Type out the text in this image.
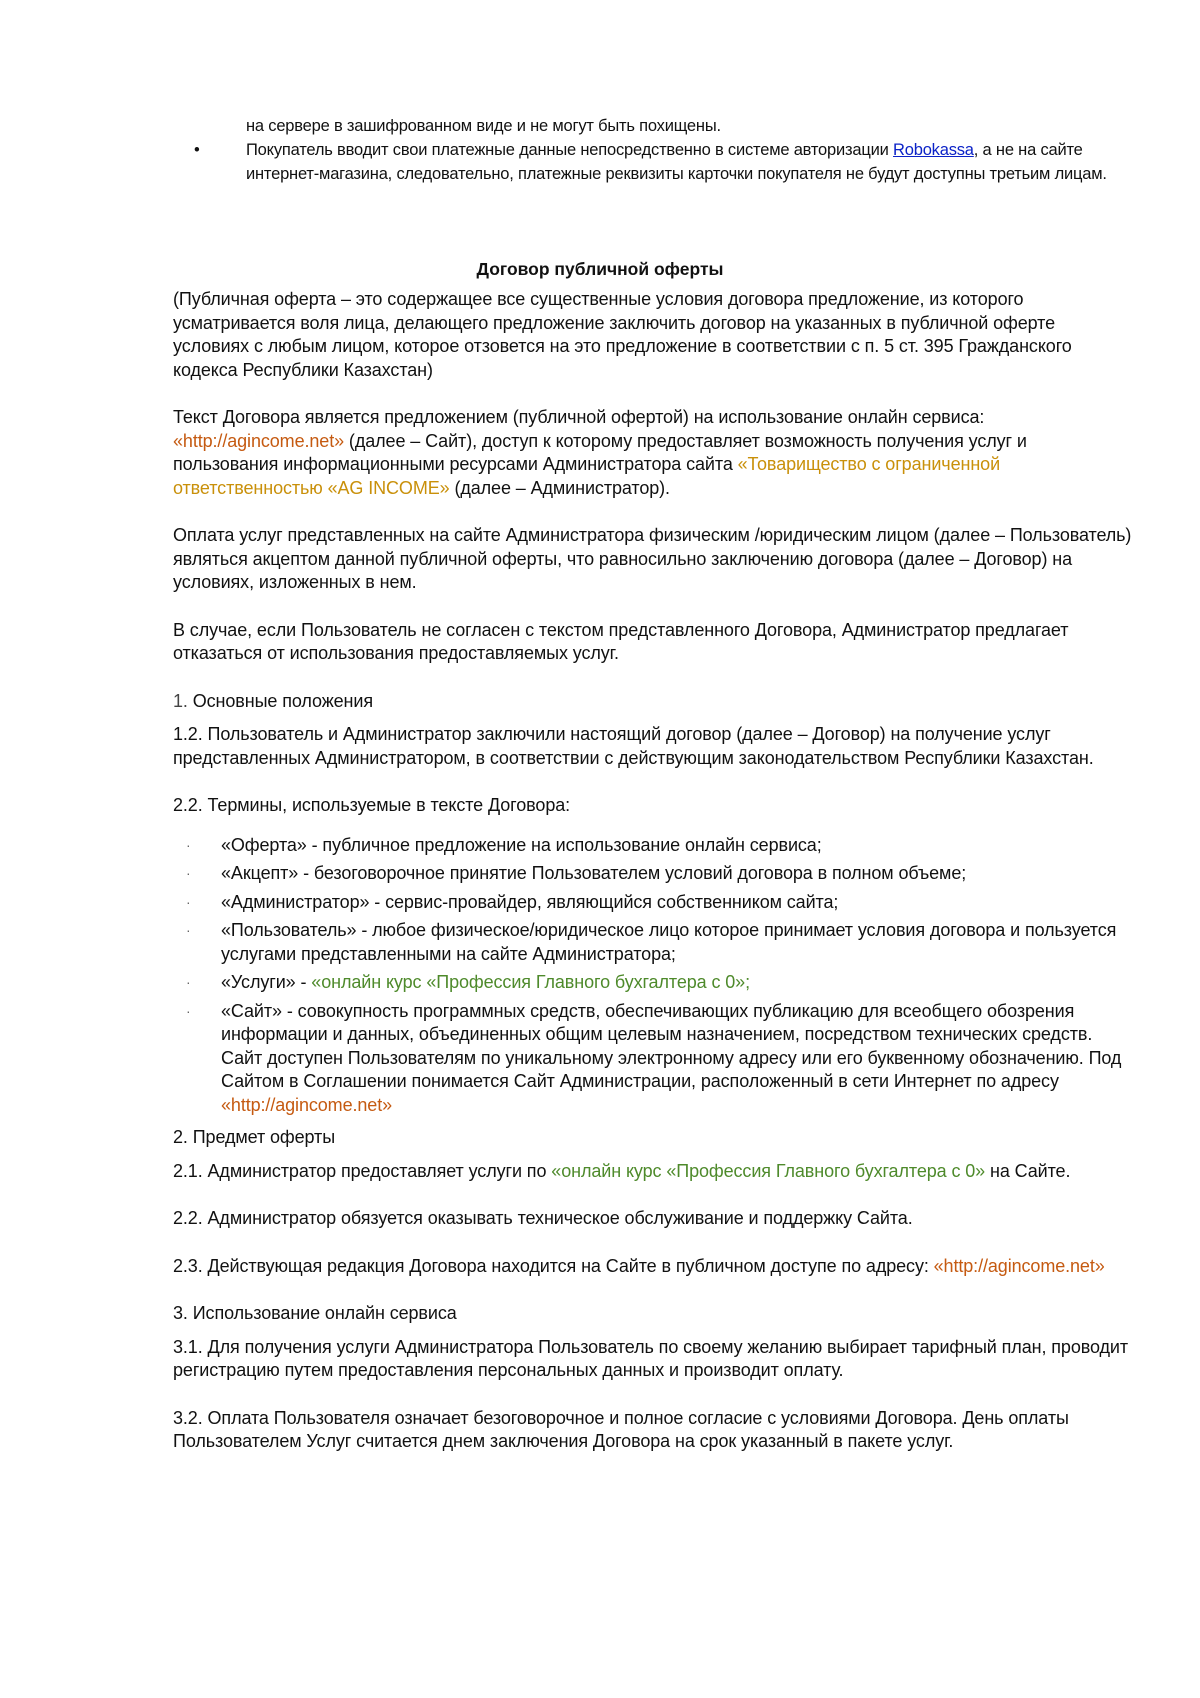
на сервере в зашифрованном виде и не могут быть похищены.

•	Покупатель вводит свои платежные данные непосредственно в системе авторизации Robokassa, а не на сайте интернет-магазина, следовательно, платежные реквизиты карточки покупателя не будут доступны третьим лицам.

Договор публичной оферты

(Публичная оферта – это содержащее все существенные условия договора предложение, из которого усматривается воля лица, делающего предложение заключить договор на указанных в публичной оферте условиях с любым лицом, которое отзовется на это предложение в соответствии с п. 5 ст. 395 Гражданского кодекса Республики Казахстан)

Текст Договора является предложением (публичной офертой) на использование онлайн сервиса: «http://agincome.net» (далее – Сайт), доступ к которому предоставляет возможность получения услуг и пользования информационными ресурсами Администратора сайта «Товарищество с ограниченной ответственностью «AG INCOME» (далее – Администратор).

Оплата услуг представленных на сайте Администратора физическим /юридическим лицом (далее – Пользователь) являться акцептом данной публичной оферты, что равносильно заключению договора (далее – Договор) на условиях, изложенных в нем.

В случае, если Пользователь не согласен с текстом представленного Договора, Администратор предлагает отказаться от использования предоставляемых услуг.

1. Основные положения

1.2. Пользователь и Администратор заключили настоящий договор (далее – Договор) на получение услуг представленных Администратором, в соответствии с действующим законодательством Республики Казахстан.

2.2. Термины, используемые в тексте Договора:

· «Оферта» - публичное предложение на использование онлайн сервиса;
· «Акцепт» - безоговорочное принятие Пользователем условий договора в полном объеме;
· «Администратор» - сервис-провайдер, являющийся собственником сайта;
· «Пользователь» - любое физическое/юридическое лицо которое принимает условия договора и пользуется услугами представленными на сайте Администратора;
· «Услуги» - «онлайн курс «Профессия Главного бухгалтера с 0»;
· «Сайт» - совокупность программных средств, обеспечивающих публикацию для всеобщего обозрения информации и данных, объединенных общим целевым назначением, посредством технических средств. Сайт доступен Пользователям по уникальному электронному адресу или его буквенному обозначению. Под Сайтом в Соглашении понимается Сайт Администрации, расположенный в сети Интернет по адресу «http://agincome.net»

2. Предмет оферты

2.1. Администратор предоставляет услуги по «онлайн курс «Профессия Главного бухгалтера с 0» на Сайте.

2.2. Администратор обязуется оказывать техническое обслуживание и поддержку Сайта.

2.3. Действующая редакция Договора находится на Сайте в публичном доступе по адресу: «http://agincome.net»

3. Использование онлайн сервиса

3.1. Для получения услуги Администратора Пользователь по своему желанию выбирает тарифный план, проводит регистрацию путем предоставления персональных данных и производит оплату.

3.2. Оплата Пользователя означает безоговорочное и полное согласие с условиями Договора. День оплаты Пользователем Услуг считается днем заключения Договора на срок указанный в пакете услуг.
